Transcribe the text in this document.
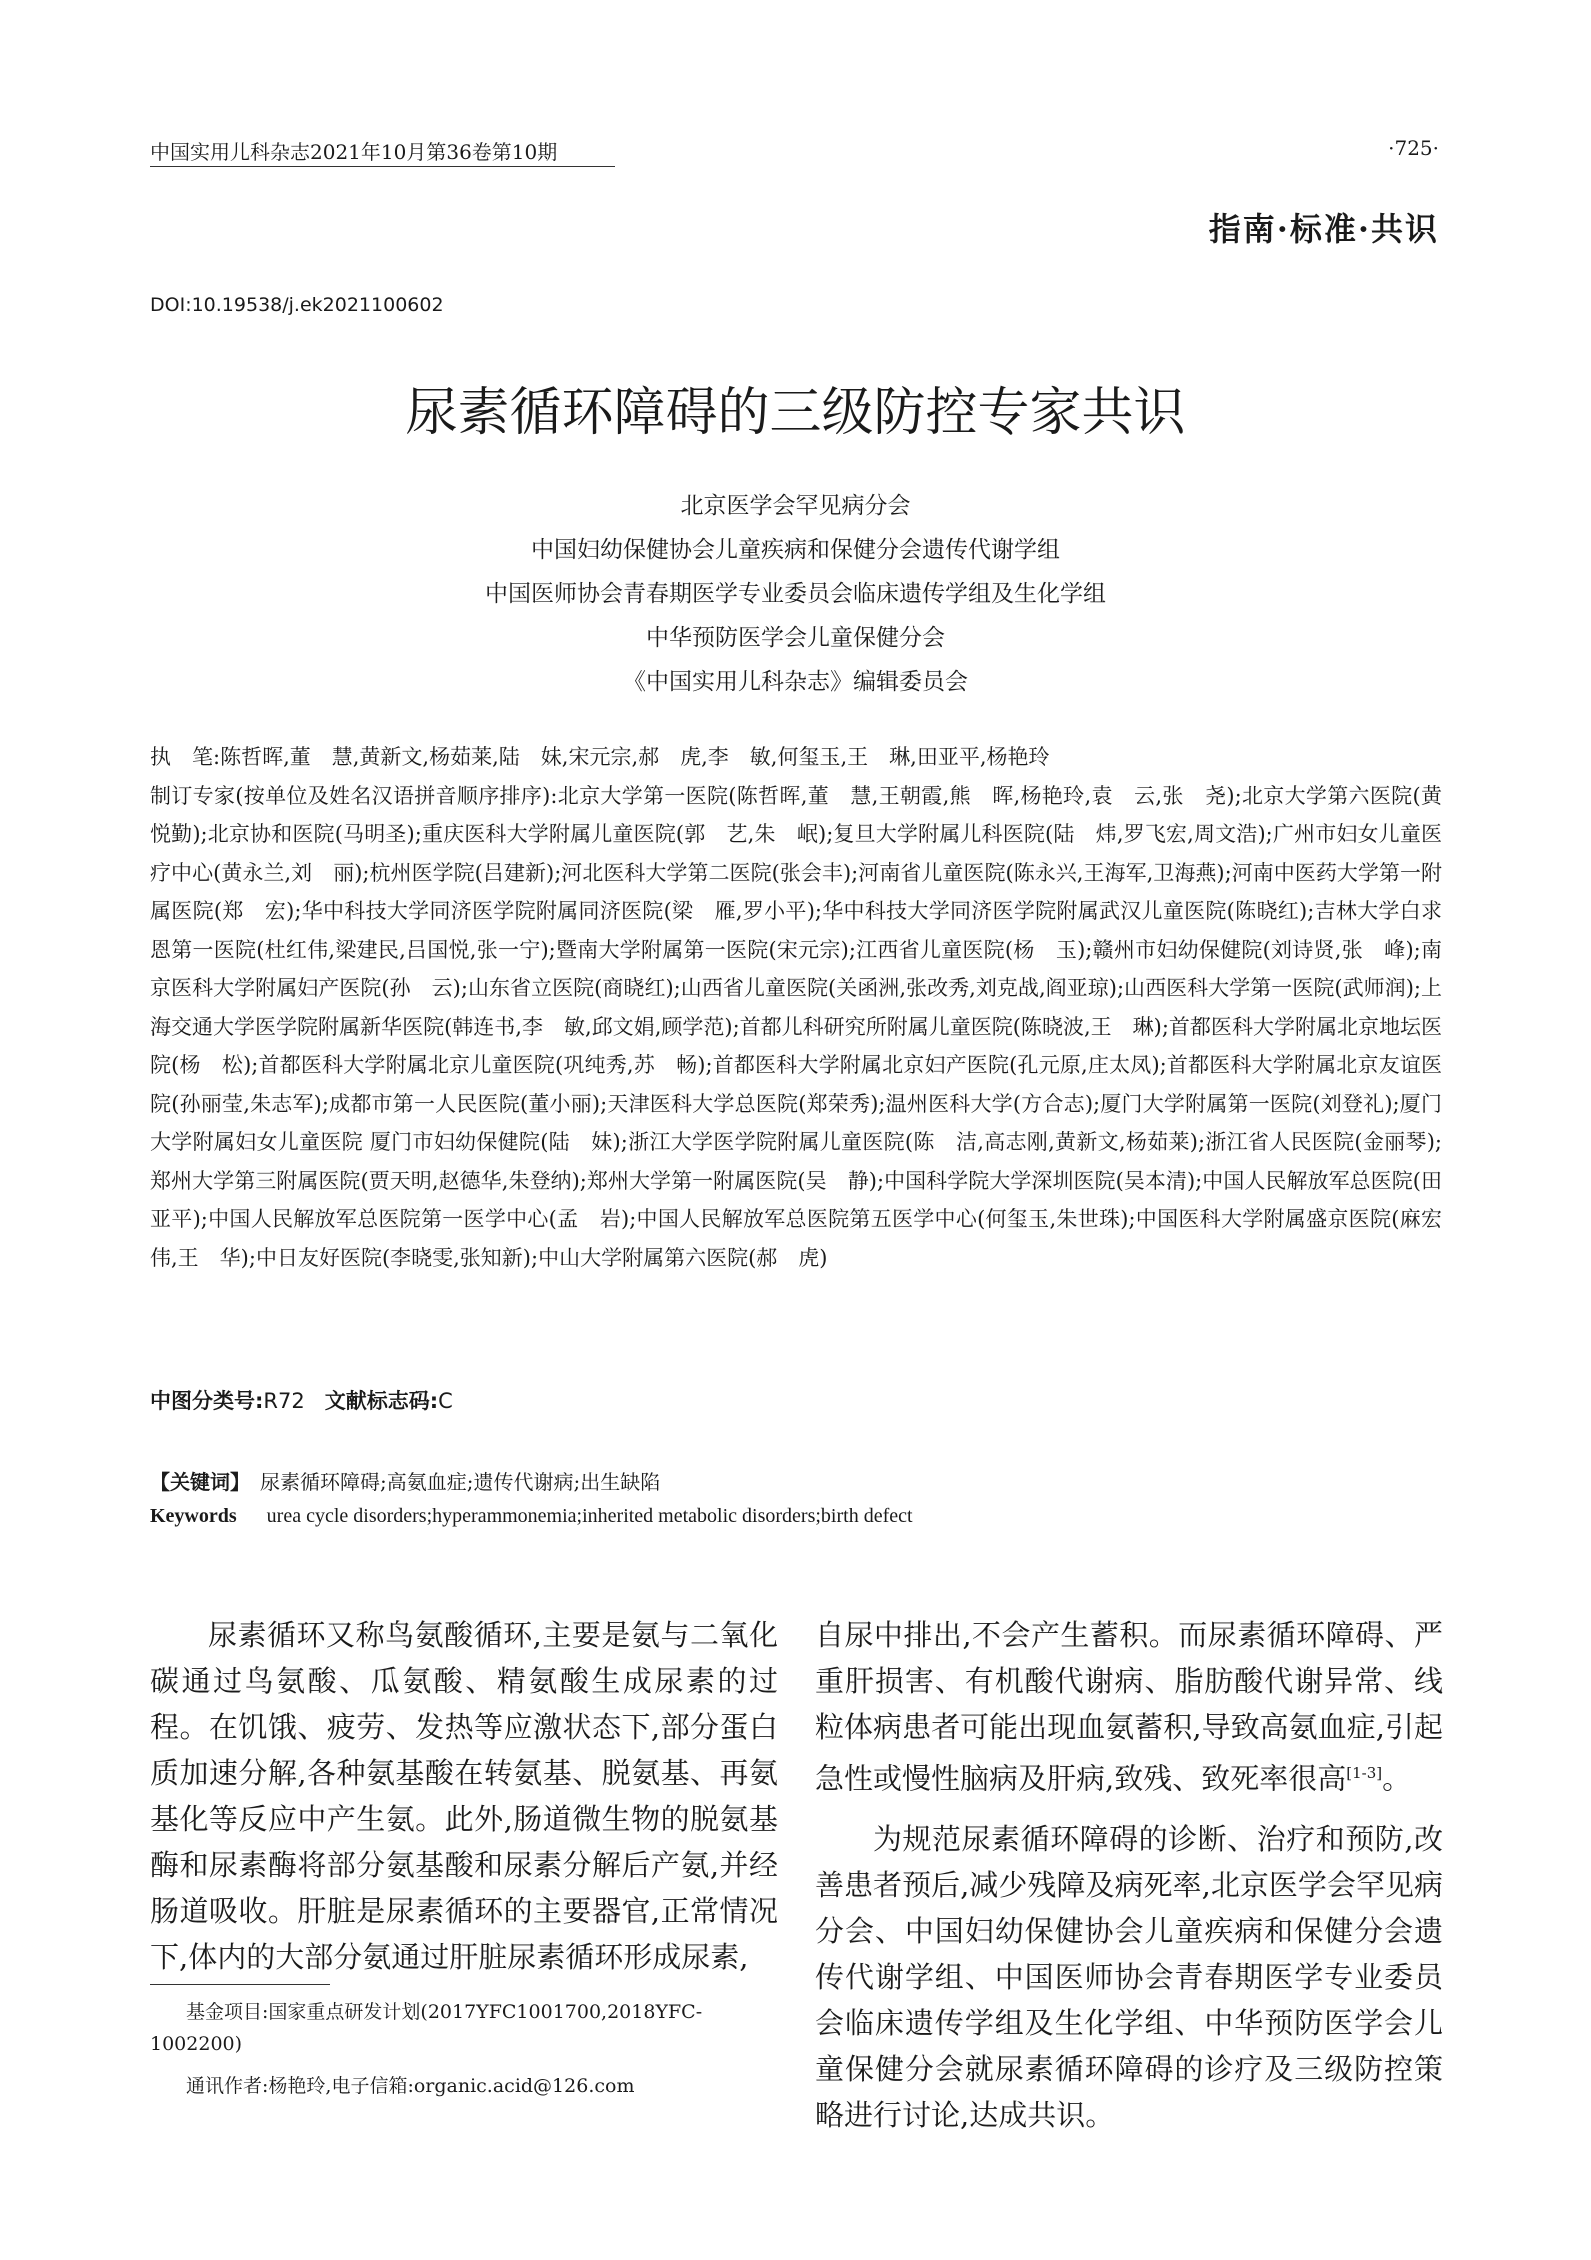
中国实用儿科杂志2021年10月第36卷第10期	·725·
指南·标准·共识
DOI:10.19538/j.ek2021100602
尿素循环障碍的三级防控专家共识
北京医学会罕见病分会
中国妇幼保健协会儿童疾病和保健分会遗传代谢学组
中国医师协会青春期医学专业委员会临床遗传学组及生化学组
中华预防医学会儿童保健分会
《中国实用儿科杂志》编辑委员会
执　笔:陈哲晖,董　慧,黄新文,杨茹莱,陆　妹,宋元宗,郝　虎,李　敏,何玺玉,王　琳,田亚平,杨艳玲
制订专家(按单位及姓名汉语拼音顺序排序):北京大学第一医院(陈哲晖,董　慧,王朝霞,熊　晖,杨艳玲,袁　云,张　尧);北京大学第六医院(黄悦勤);北京协和医院(马明圣);重庆医科大学附属儿童医院(郭　艺,朱　岷);复旦大学附属儿科医院(陆　炜,罗飞宏,周文浩);广州市妇女儿童医疗中心(黄永兰,刘　丽);杭州医学院(吕建新);河北医科大学第二医院(张会丰);河南省儿童医院(陈永兴,王海军,卫海燕);河南中医药大学第一附属医院(郑　宏);华中科技大学同济医学院附属同济医院(梁　雁,罗小平);华中科技大学同济医学院附属武汉儿童医院(陈晓红);吉林大学白求恩第一医院(杜红伟,梁建民,吕国悦,张一宁);暨南大学附属第一医院(宋元宗);江西省儿童医院(杨　玉);赣州市妇幼保健院(刘诗贤,张　峰);南京医科大学附属妇产医院(孙　云);山东省立医院(商晓红);山西省儿童医院(关函洲,张改秀,刘克战,阎亚琼);山西医科大学第一医院(武师润);上海交通大学医学院附属新华医院(韩连书,李　敏,邱文娟,顾学范);首都儿科研究所附属儿童医院(陈晓波,王　琳);首都医科大学附属北京地坛医院(杨　松);首都医科大学附属北京儿童医院(巩纯秀,苏　畅);首都医科大学附属北京妇产医院(孔元原,庄太凤);首都医科大学附属北京友谊医院(孙丽莹,朱志军);成都市第一人民医院(董小丽);天津医科大学总医院(郑荣秀);温州医科大学(方合志);厦门大学附属第一医院(刘登礼);厦门大学附属妇女儿童医院 厦门市妇幼保健院(陆　妹);浙江大学医学院附属儿童医院(陈　洁,高志刚,黄新文,杨茹莱);浙江省人民医院(金丽琴);郑州大学第三附属医院(贾天明,赵德华,朱登纳);郑州大学第一附属医院(吴　静);中国科学院大学深圳医院(吴本清);中国人民解放军总医院(田亚平);中国人民解放军总医院第一医学中心(孟　岩);中国人民解放军总医院第五医学中心(何玺玉,朱世珠);中国医科大学附属盛京医院(麻宏伟,王　华);中日友好医院(李晓雯,张知新);中山大学附属第六医院(郝　虎)
中图分类号:R72 文献标志码:C
【关键词】 尿素循环障碍;高氨血症;遗传代谢病;出生缺陷
Keywords urea cycle disorders;hyperammonemia;inherited metabolic disorders;birth defect

尿素循环又称鸟氨酸循环,主要是氨与二氧化碳通过鸟氨酸、瓜氨酸、精氨酸生成尿素的过程。在饥饿、疲劳、发热等应激状态下,部分蛋白质加速分解,各种氨基酸在转氨基、脱氨基、再氨基化等反应中产生氨。此外,肠道微生物的脱氨基酶和尿素酶将部分氨基酸和尿素分解后产氨,并经肠道吸收。肝脏是尿素循环的主要器官,正常情况下,体内的大部分氨通过肝脏尿素循环形成尿素,

自尿中排出,不会产生蓄积。而尿素循环障碍、严重肝损害、有机酸代谢病、脂肪酸代谢异常、线粒体病患者可能出现血氨蓄积,导致高氨血症,引起急性或慢性脑病及肝病,致残、致死率很高[1-3]。

为规范尿素循环障碍的诊断、治疗和预防,改善患者预后,减少残障及病死率,北京医学会罕见病分会、中国妇幼保健协会儿童疾病和保健分会遗传代谢学组、中国医师协会青春期医学专业委员会临床遗传学组及生化学组、中华预防医学会儿童保健分会就尿素循环障碍的诊疗及三级防控策略进行讨论,达成共识。

基金项目:国家重点研发计划(2017YFC1001700,2018YFC-1002200)

通讯作者:杨艳玲,电子信箱:organic.acid@126.com
